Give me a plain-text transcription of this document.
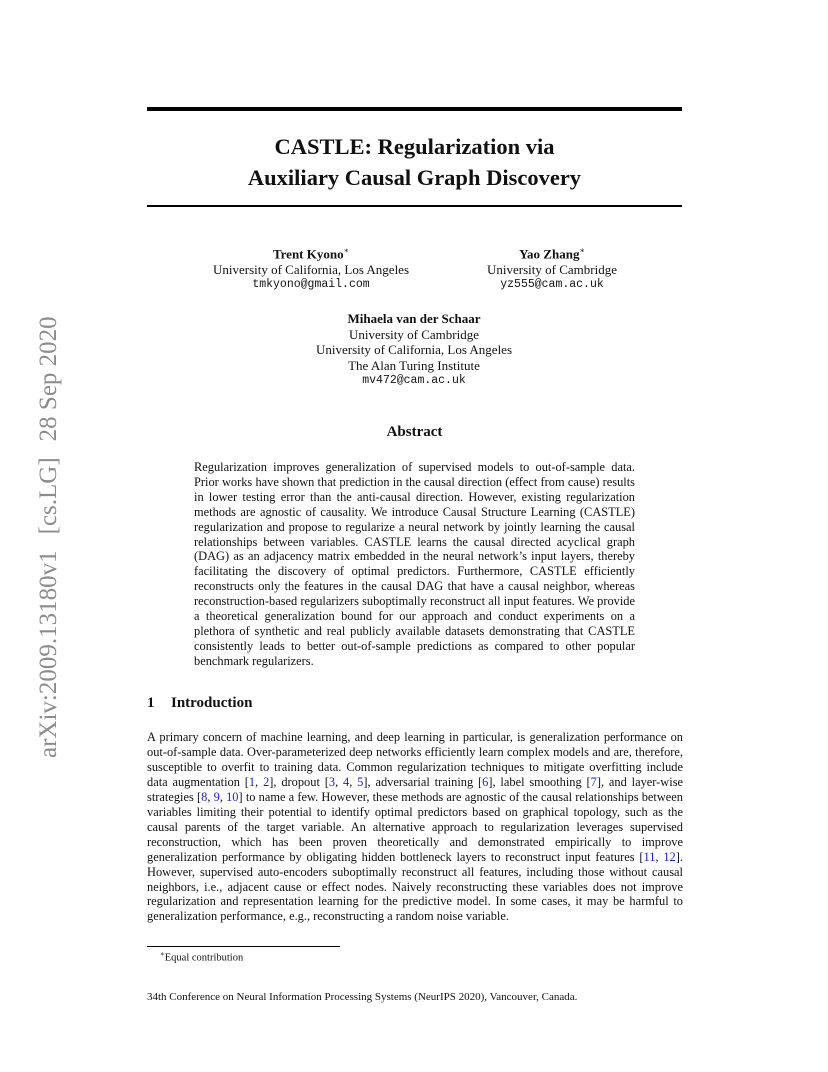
arXiv:2009.13180v1[cs.LG]28 Sep 2020
CASTLE: Regularization via
Auxiliary Causal Graph Discovery
Trent Kyono∗
University of California, Los Angeles
tmkyono@gmail.com
Yao Zhang∗
University of Cambridge
yz555@cam.ac.uk
Mihaela van der Schaar
University of Cambridge
University of California, Los Angeles
The Alan Turing Institute
mv472@cam.ac.uk
Abstract

Regularization improves generalization of supervised models to out-of-sample data. Prior works have shown that prediction in the causal direction (effect from cause) results in lower testing error than the anti-causal direction. However, existing regularization methods are agnostic of causality. We introduce Causal Structure Learning (CASTLE) regularization and propose to regularize a neural network by jointly learning the causal relationships between variables. CASTLE learns the causal directed acyclical graph (DAG) as an adjacency matrix embedded in the neural network’s input layers, thereby facilitating the discovery of optimal predictors. Furthermore, CASTLE efficiently reconstructs only the features in the causal DAG that have a causal neighbor, whereas reconstruction-based regularizers suboptimally reconstruct all input features. We provide a theoretical generalization bound for our approach and conduct experiments on a plethora of synthetic and real publicly available datasets demonstrating that CASTLE consistently leads to better out-of-sample predictions as compared to other popular benchmark regularizers.

1 Introduction

A primary concern of machine learning, and deep learning in particular, is generalization performance on out-of-sample data. Over-parameterized deep networks efficiently learn complex models and are, therefore, susceptible to overfit to training data. Common regularization techniques to mitigate overfitting include data augmentation [1, 2], dropout [3, 4, 5], adversarial training [6], label smoothing [7], and layer-wise strategies [8, 9, 10] to name a few. However, these methods are agnostic of the causal relationships between variables limiting their potential to identify optimal predictors based on graphical topology, such as the causal parents of the target variable. An alternative approach to regularization leverages supervised reconstruction, which has been proven theoretically and demonstrated empirically to improve generalization performance by obligating hidden bottleneck layers to reconstruct input features [11, 12]. However, supervised auto-encoders suboptimally reconstruct all features, including those without causal neighbors, i.e., adjacent cause or effect nodes. Naively reconstructing these variables does not improve regularization and representation learning for the predictive model. In some cases, it may be harmful to generalization performance, e.g., reconstructing a random noise variable.

∗Equal contribution

34th Conference on Neural Information Processing Systems (NeurIPS 2020), Vancouver, Canada.
